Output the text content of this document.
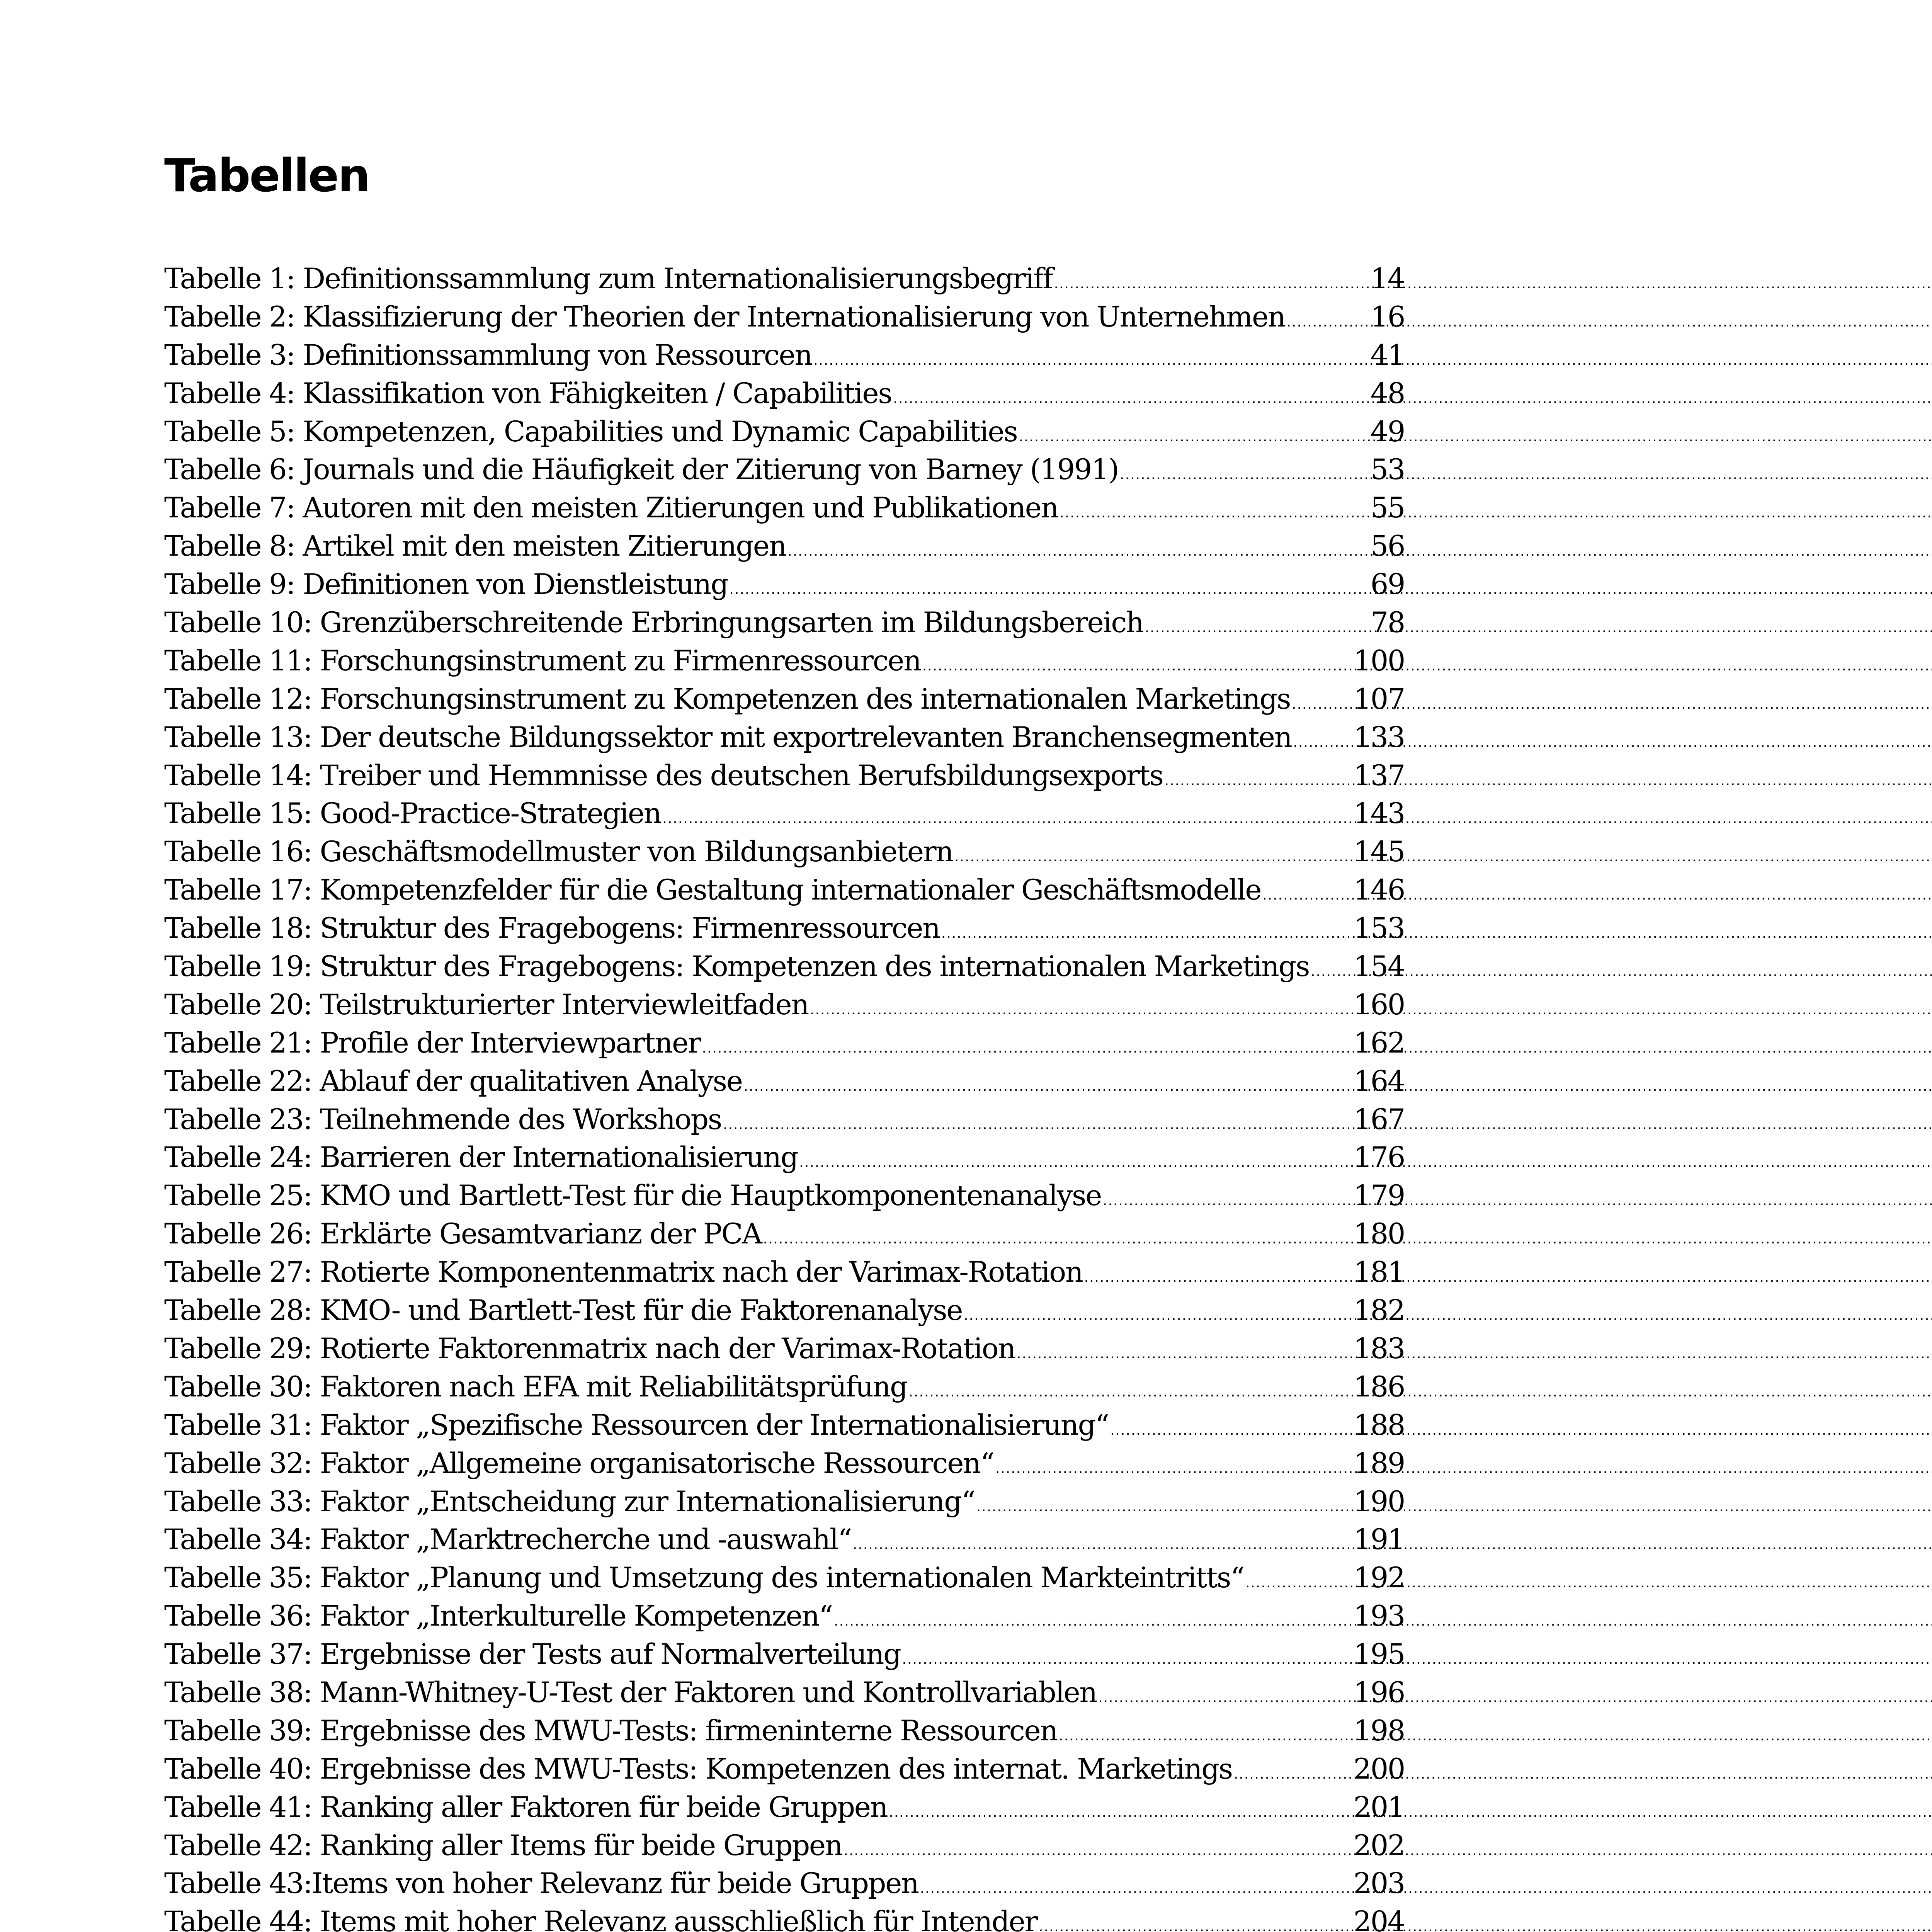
Tabellen
Tabelle 1: Definitionssammlung zum Internationalisierungsbegriff .....	14
Tabelle 2: Klassifizierung der Theorien der Internationalisierung von Unternehmen .....	16
Tabelle 3: Definitionssammlung von Ressourcen .....	41
Tabelle 4: Klassifikation von Fähigkeiten / Capabilities .....	48
Tabelle 5: Kompetenzen, Capabilities und Dynamic Capabilities .....	49
Tabelle 6: Journals und die Häufigkeit der Zitierung von Barney (1991) .....	53
Tabelle 7: Autoren mit den meisten Zitierungen und Publikationen .....	55
Tabelle 8: Artikel mit den meisten Zitierungen .....	56
Tabelle 9: Definitionen von Dienstleistung .....	69
Tabelle 10: Grenzüberschreitende Erbringungsarten im Bildungsbereich .....	78
Tabelle 11: Forschungsinstrument zu Firmenressourcen .....	100
Tabelle 12: Forschungsinstrument zu Kompetenzen des internationalen Marketings ..... 107
Tabelle 13: Der deutsche Bildungssektor mit exportrelevanten Branchensegmenten ..... 133
Tabelle 14: Treiber und Hemmnisse des deutschen Berufsbildungsexports .....	137
Tabelle 15: Good-Practice-Strategien .....	143
Tabelle 16: Geschäftsmodellmuster von Bildungsanbietern .....	145
Tabelle 17: Kompetenzfelder für die Gestaltung internationaler Geschäftsmodelle .....	146
Tabelle 18: Struktur des Fragebogens: Firmenressourcen .....	153
Tabelle 19: Struktur des Fragebogens: Kompetenzen des internationalen Marketings ..... 154
Tabelle 20: Teilstrukturierter Interviewleitfaden .....	160
Tabelle 21: Profile der Interviewpartner .....	162
Tabelle 22: Ablauf der qualitativen Analyse .....	164
Tabelle 23: Teilnehmende des Workshops .....	167
Tabelle 24: Barrieren der Internationalisierung .....	176
Tabelle 25: KMO und Bartlett-Test für die Hauptkomponentenanalyse .....	179
Tabelle 26: Erklärte Gesamtvarianz der PCA .....	180
Tabelle 27: Rotierte Komponentenmatrix nach der Varimax-Rotation .....	181
Tabelle 28: KMO- und Bartlett-Test für die Faktorenanalyse .....	182
Tabelle 29: Rotierte Faktorenmatrix nach der Varimax-Rotation .....	183
Tabelle 30: Faktoren nach EFA mit Reliabilitätsprüfung .....	186
Tabelle 31: Faktor „Spezifische Ressourcen der Internationalisierung“ .....	188
Tabelle 32: Faktor „Allgemeine organisatorische Ressourcen“ .....	189
Tabelle 33: Faktor „Entscheidung zur Internationalisierung“ .....	190
Tabelle 34: Faktor „Marktrecherche und -auswahl“ .....	191
Tabelle 35: Faktor „Planung und Umsetzung des internationalen Markteintritts“ .....	192
Tabelle 36: Faktor „Interkulturelle Kompetenzen“ .....	193
Tabelle 37: Ergebnisse der Tests auf Normalverteilung .....	195
Tabelle 38: Mann-Whitney-U-Test der Faktoren und Kontrollvariablen .....	196
Tabelle 39: Ergebnisse des MWU-Tests: firmeninterne Ressourcen .....	198
Tabelle 40: Ergebnisse des MWU-Tests: Kompetenzen des internat. Marketings .....	200
Tabelle 41: Ranking aller Faktoren für beide Gruppen .....	201
Tabelle 42: Ranking aller Items für beide Gruppen .....	202
Tabelle 43:Items von hoher Relevanz für beide Gruppen .....	203
Tabelle 44: Items mit hoher Relevanz ausschließlich für Intender .....	204
